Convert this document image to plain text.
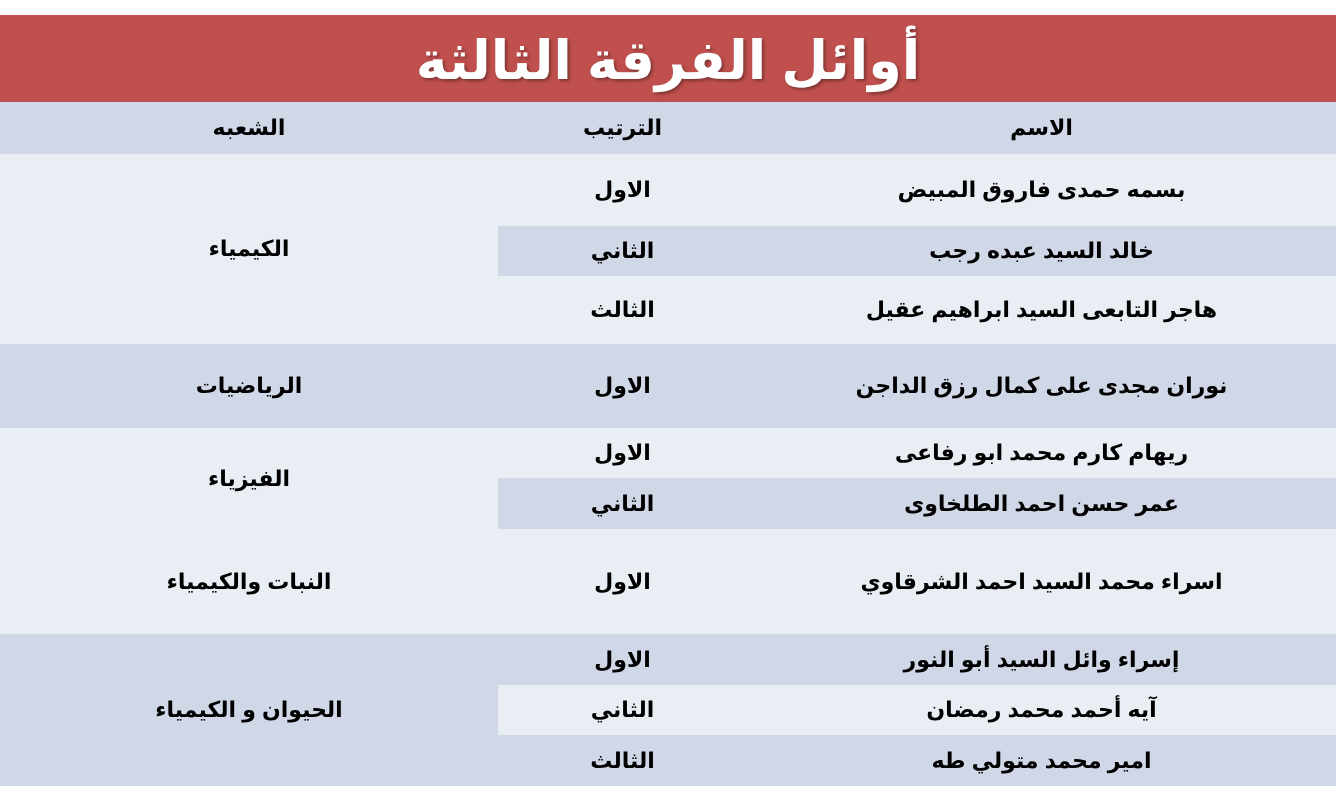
أوائل الفرقة الثالثة
الاسم
الترتيب
الشعبه
الكيمياء
بسمه حمدى فاروق المبيض
الاول
خالد السيد عبده رجب
الثاني
هاجر التابعى السيد ابراهيم عقيل
الثالث
الرياضيات	نوران مجدى على كمال رزق الداجن
الاول
الفيزياء
ريهام كارم محمد ابو رفاعى
الاول
عمر حسن احمد الطلخاوى
الثاني
النبات والكيمياء	اسراء محمد السيد احمد الشرقاوي
الاول
الحيوان و الكيمياء
إسراء وائل السيد أبو النور
الاول
آيه أحمد محمد رمضان
الثاني
امير محمد متولي طه
الثالث
